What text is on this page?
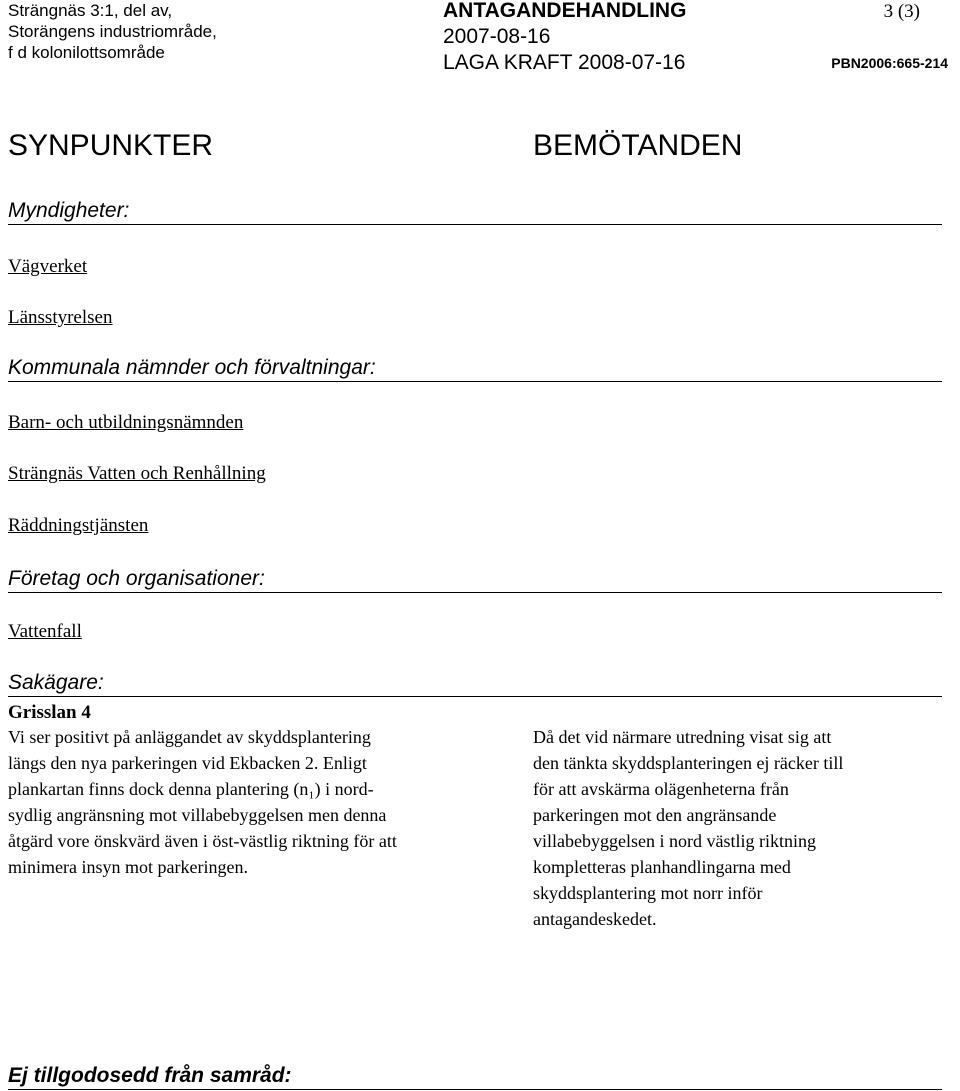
Strängnäs 3:1, del av,
Storängens industriområde,
f d kolonilottsområde
ANTAGANDEHANDLING
2007-08-16
LAGA KRAFT 2008-07-16
3 (3)
PBN2006:665-214
SYNPUNKTER	BEMÖTANDEN
Myndigheter:
Vägverket
Länsstyrelsen
Kommunala nämnder och förvaltningar:
Barn- och utbildningsnämnden
Strängnäs Vatten och Renhållning
Räddningstjänsten
Företag och organisationer:
Vattenfall
Sakägare:
Grisslan 4
Vi ser positivt på anläggandet av skyddsplantering
längs den nya parkeringen vid Ekbacken 2. Enligt
plankartan finns dock denna plantering (n₁) i nord-
sydlig angränsning mot villabebyggelsen men denna
åtgärd vore önskvärd även i öst-västlig riktning för att
minimera insyn mot parkeringen.
Då det vid närmare utredning visat sig att
den tänkta skyddsplanteringen ej räcker till
för att avskärma olägenheterna från
parkeringen mot den angränsande
villabebyggelsen i nord västlig riktning
kompletteras planhandlingarna med
skyddsplantering mot norr inför
antagandeskedet.
Ej tillgodosedd från samråd:
